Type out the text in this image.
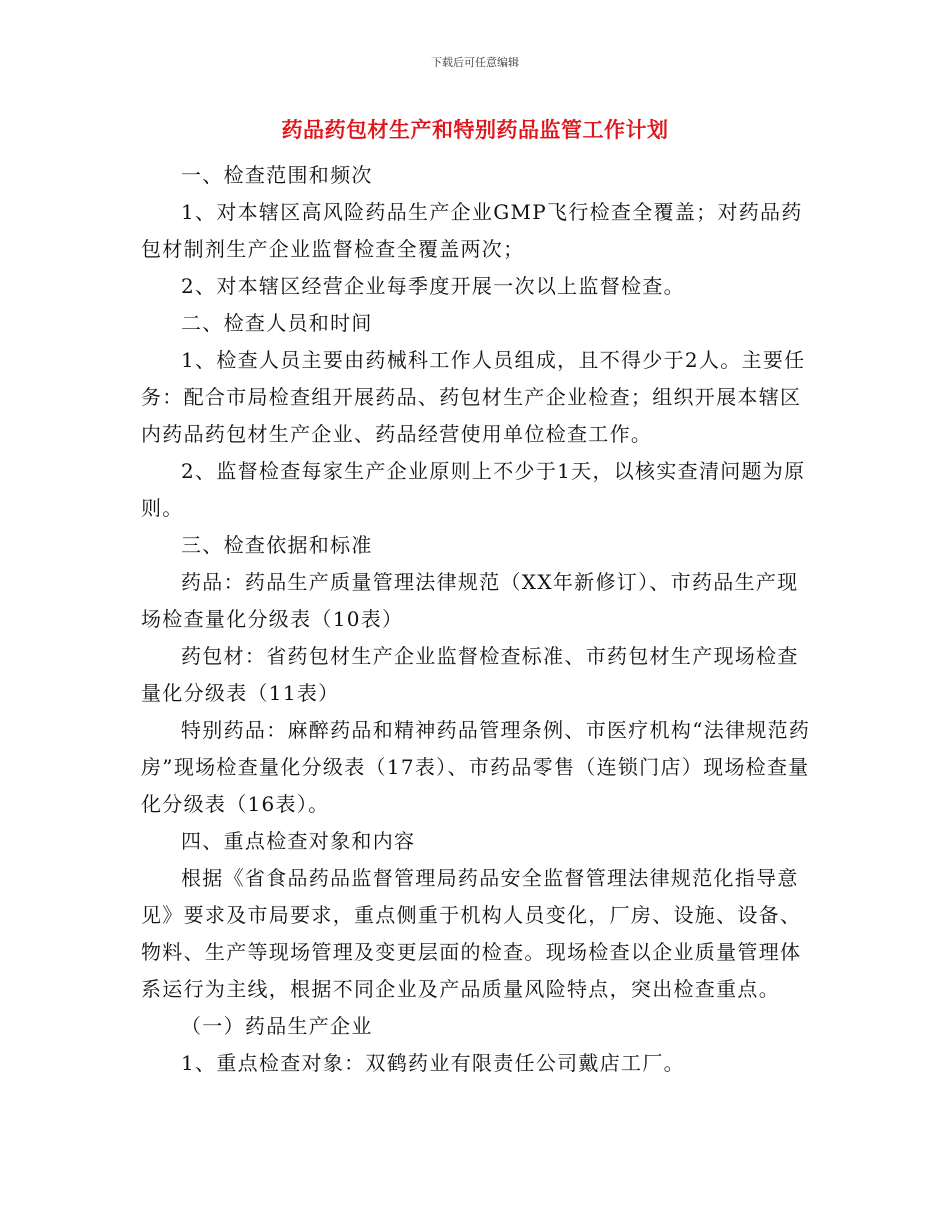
下载后可任意编辑
药品药包材生产和特别药品监管工作计划

一、检查范围和频次

1、对本辖区高风险药品生产企业GMP飞行检查全覆盖；对药品药包材制剂生产企业监督检查全覆盖两次；

2、对本辖区经营企业每季度开展一次以上监督检查。

二、检查人员和时间

1、检查人员主要由药械科工作人员组成，且不得少于2人。主要任务：配合市局检查组开展药品、药包材生产企业检查；组织开展本辖区内药品药包材生产企业、药品经营使用单位检查工作。

2、监督检查每家生产企业原则上不少于1天，以核实查清问题为原则。

三、检查依据和标准

药品：药品生产质量管理法律规范（XX年新修订）、市药品生产现场检查量化分级表（10表）

药包材：省药包材生产企业监督检查标准、市药包材生产现场检查量化分级表（11表）

特别药品：麻醉药品和精神药品管理条例、市医疗机构“法律规范药房”现场检查量化分级表（17表）、市药品零售（连锁门店）现场检查量化分级表（16表）。

四、重点检查对象和内容

根据《省食品药品监督管理局药品安全监督管理法律规范化指导意见》要求及市局要求，重点侧重于机构人员变化，厂房、设施、设备、物料、生产等现场管理及变更层面的检查。现场检查以企业质量管理体系运行为主线，根据不同企业及产品质量风险特点，突出检查重点。

（一）药品生产企业

1、重点检查对象：双鹤药业有限责任公司戴店工厂。
